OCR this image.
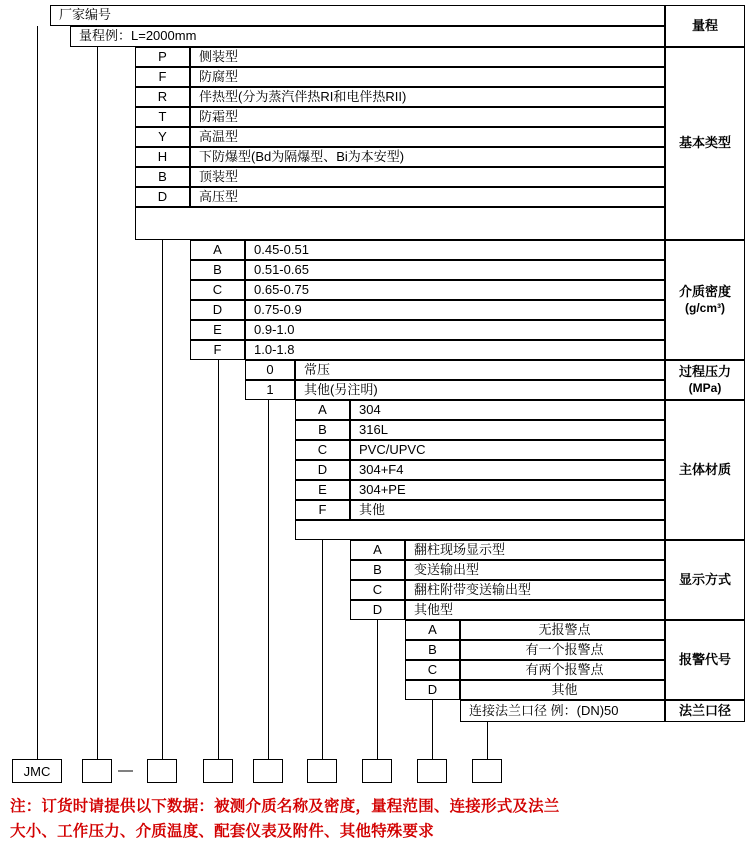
厂家编号
量程例：L=2000mm
量程
P	侧装型
F	防腐型
R	伴热型(分为蒸汽伴热RI和电伴热RII)
T	防霜型
Y	高温型
H	下防爆型(Bd为隔爆型、Bi为本安型)
B	顶装型
D	高压型
基本类型
A	0.45-0.51
B	0.51-0.65
C	0.65-0.75
D	0.75-0.9
E	0.9-1.0
F	1.0-1.8
介质密度
(g/cm³)
0	常压
1	其他(另注明)
过程压力
(MPa)
A	304
B	316L
C	PVC/UPVC
D	304+F4
E	304+PE
F	其他
主体材质
A	翻柱现场显示型
B	变送输出型
C	翻柱附带变送输出型
D	其他型
显示方式
A	无报警点
B	有一个报警点
C	有两个报警点
D	其他
报警代号
连接法兰口径 例：(DN)50	法兰口径
JMC	—
注：订货时请提供以下数据：被测介质名称及密度，量程范围、连接形式及法兰
大小、工作压力、介质温度、配套仪表及附件、其他特殊要求
